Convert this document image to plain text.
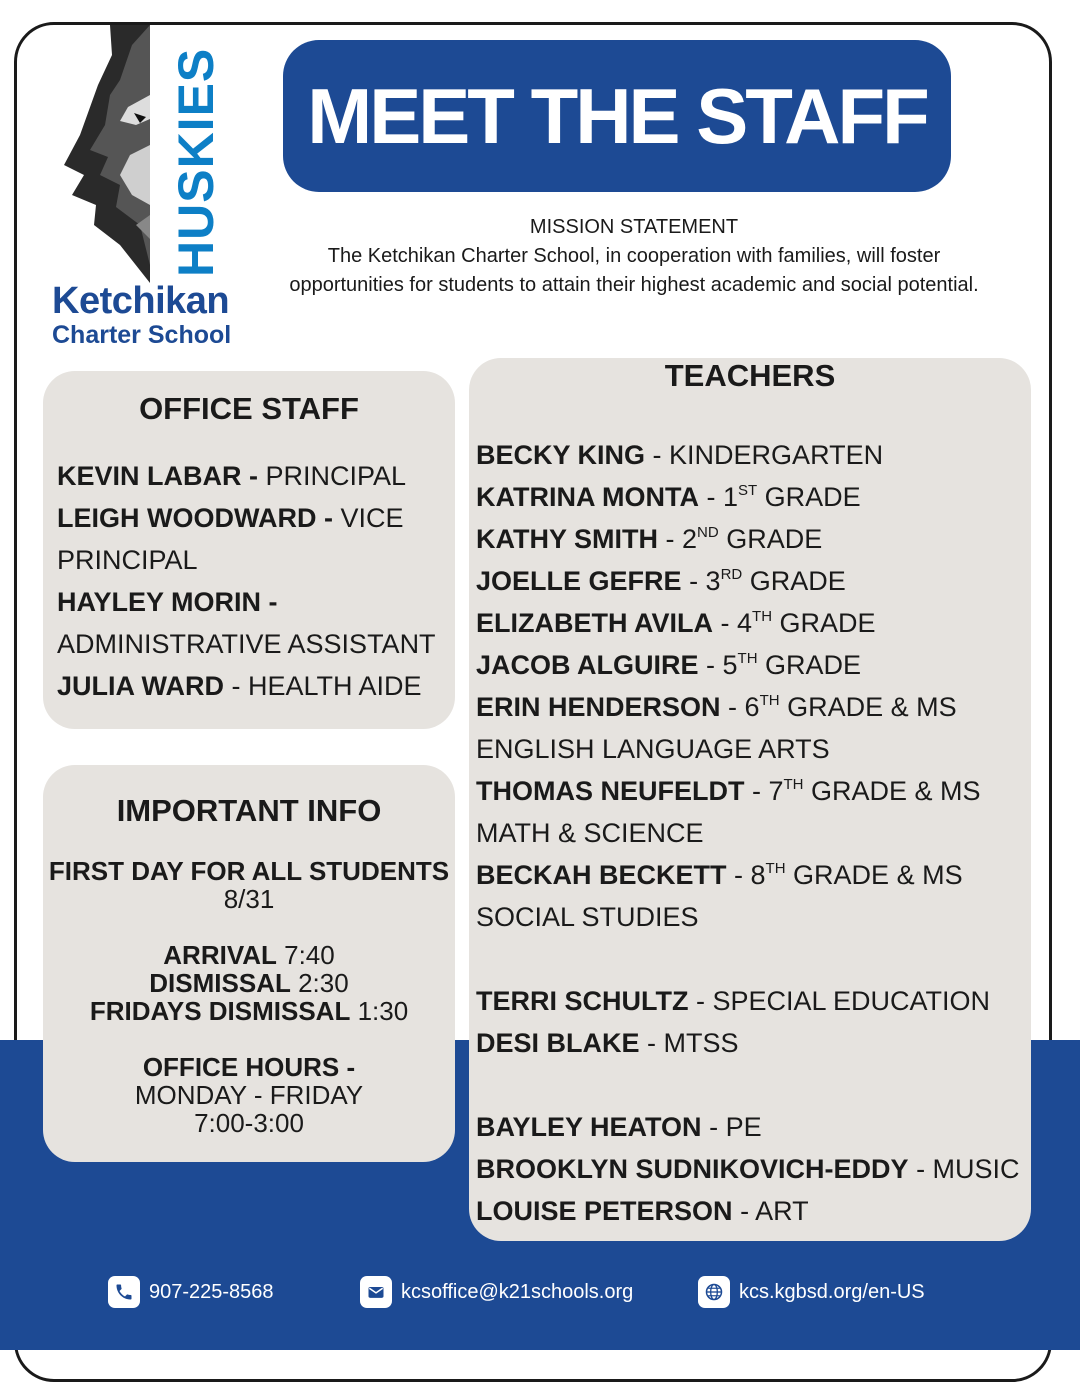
HUSKIES
Ketchikan
Charter School
MEET THE STAFF
MISSION STATEMENT
The Ketchikan Charter School, in cooperation with families, will foster opportunities for students to attain their highest academic and social potential.
OFFICE STAFF
KEVIN LABAR - PRINCIPAL
LEIGH WOODWARD - VICE PRINCIPAL
HAYLEY MORIN - ADMINISTRATIVE ASSISTANT
JULIA WARD - HEALTH AIDE
IMPORTANT INFO
FIRST DAY FOR ALL STUDENTS
8/31
ARRIVAL 7:40
DISMISSAL 2:30
FRIDAYS DISMISSAL 1:30
OFFICE HOURS -
MONDAY - FRIDAY
7:00-3:00
TEACHERS
BECKY KING - KINDERGARTEN
KATRINA MONTA - 1ST GRADE
KATHY SMITH - 2ND GRADE
JOELLE GEFRE - 3RD GRADE
ELIZABETH AVILA - 4TH GRADE
JACOB ALGUIRE - 5TH GRADE
ERIN HENDERSON - 6TH GRADE & MS ENGLISH LANGUAGE ARTS
THOMAS NEUFELDT - 7TH GRADE & MS MATH & SCIENCE
BECKAH BECKETT - 8TH GRADE & MS SOCIAL STUDIES
TERRI SCHULTZ - SPECIAL EDUCATION
DESI BLAKE - MTSS
BAYLEY HEATON - PE
BROOKLYN SUDNIKOVICH-EDDY - MUSIC
LOUISE PETERSON - ART
907-225-8568	kcsoffice@k21schools.org	kcs.kgbsd.org/en-US
